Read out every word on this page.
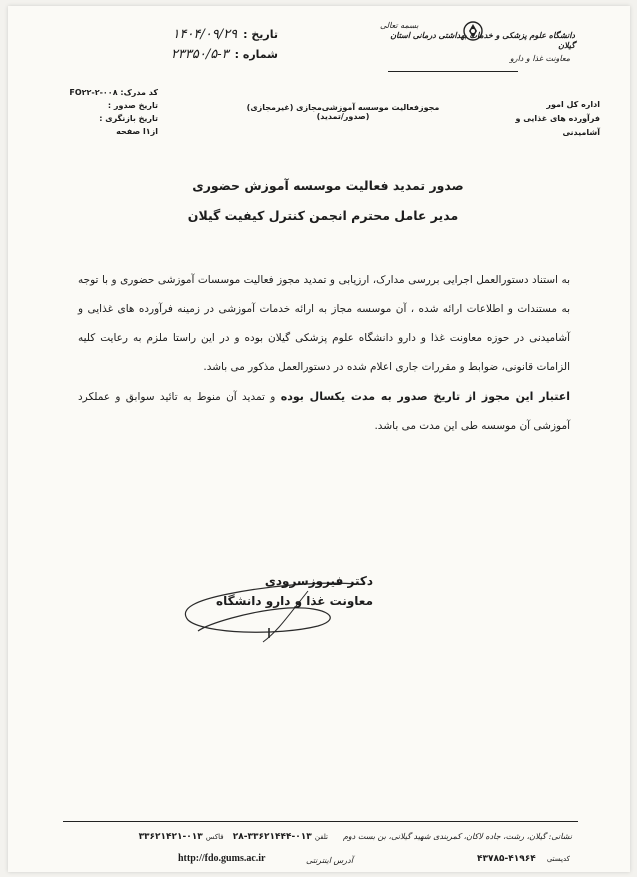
بسمه تعالی
دانشگاه علوم پزشکی و خدمات بهداشتی درمانی استان گیلان
معاونت غذا و دارو
تاریخ :
۱۴۰۴/۰۹/۲۹
شماره :
۲۳۳۵۰/۵-۳
کد مدرک: ۰۰۸-FO۲۲-۲
تاریخ صدور :
تاریخ بازنگری :
از۱ا صفحه
اداره کل امور
فرآورده های غذایی و آشامیدنی
مجوزفعالیت موسسه آموزشی‌مجازی (غیرمجازی) (صدور/تمدید)
صدور تمدید فعالیت موسسه آموزش حضوری
مدیر عامل محترم انجمن کنترل کیفیت گیلان

به استناد دستورالعمل اجرایی بررسی مدارک، ارزیابی و تمدید مجوز فعالیت موسسات آموزشی حضوری و با توجه به مستندات و اطلاعات ارائه شده ، آن موسسه مجاز به ارائه خدمات آموزشی در زمینه فرآورده های غذایی و آشامیدنی در حوزه معاونت غذا و دارو دانشگاه علوم پزشکی گیلان بوده و در این راستا ملزم به رعایت کلیه الزامات قانونی، ضوابط و مقررات جاری اعلام شده در دستورالعمل مذکور می باشد.

اعتبار این مجوز از تاریخ صدور به مدت یکسال بوده و تمدید آن منوط به تائید سوابق و عملکرد آموزشی آن موسسه طی این مدت می باشد.

دکتر فیروزسرودی
معاونت غذا و دارو دانشگاه
نشانی: گیلان، رشت، جاده لاکان، کمربندی شهید گیلانی، بن بست دوم
تلفن ۰۱۳-۳۳۶۲۱۴۴۴-۲۸ فاکس ۰۱۳-۳۳۶۲۱۴۲۱
http://fdo.gums.ac.ir	آدرس اینترنتی	کدپستی ۴۱۹۶۴-۴۳۷۸۵
